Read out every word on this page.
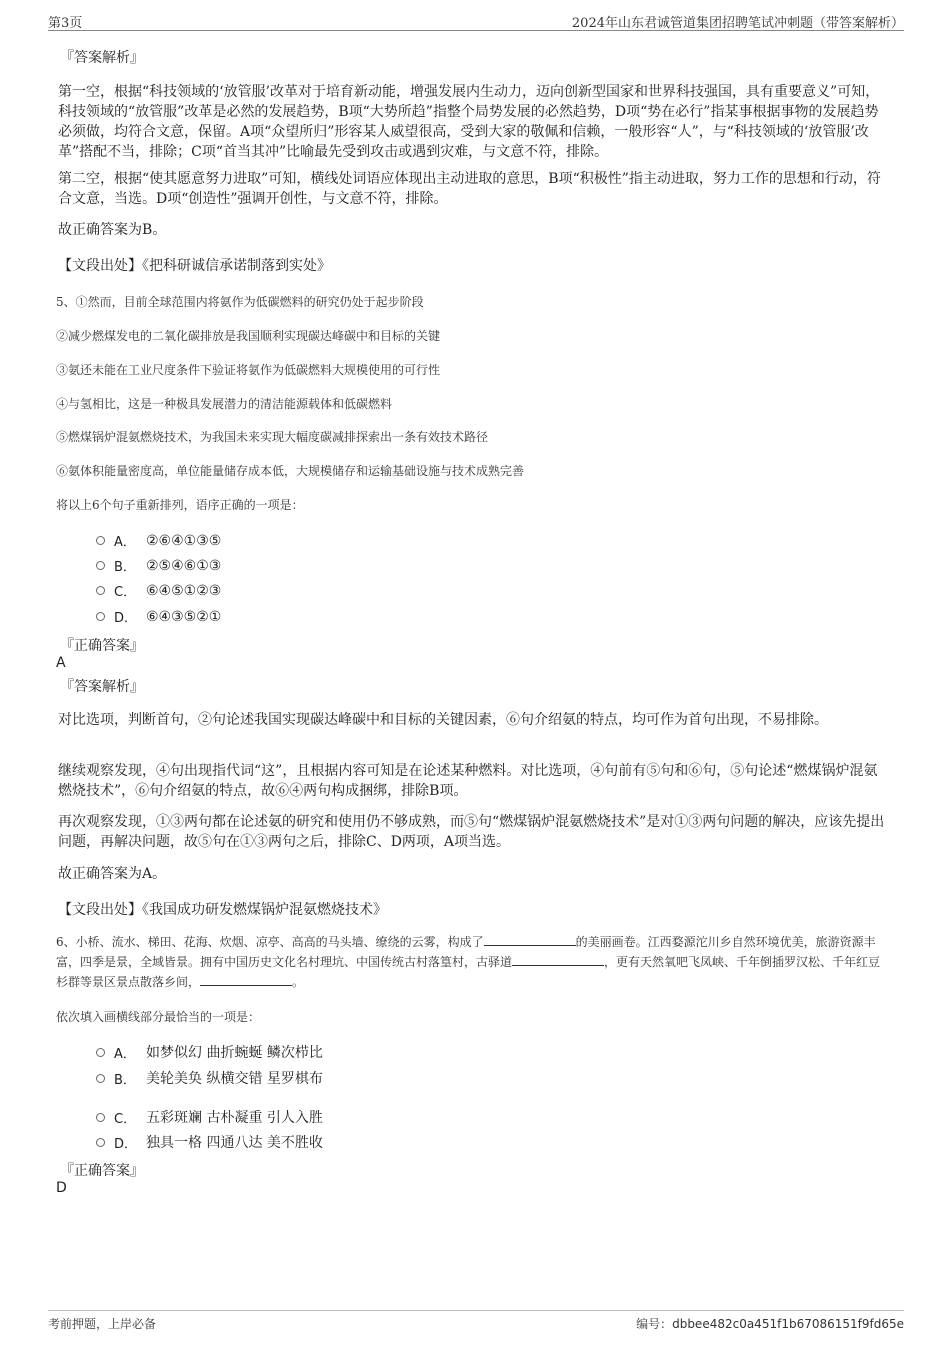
第3页	2024年山东君诚管道集团招聘笔试冲刺题（带答案解析）
『答案解析』
第一空，根据“科技领域的‘放管服’改革对于培育新动能，增强发展内生动力，迈向创新型国家和世界科技强国，具有重要意义”可知，科技领域的“放管服”改革是必然的发展趋势，B项“大势所趋”指整个局势发展的必然趋势，D项“势在必行”指某事根据事物的发展趋势必须做，均符合文意，保留。A项“众望所归”形容某人威望很高，受到大家的敬佩和信赖，一般形容“人”，与“科技领域的‘放管服’改革”搭配不当，排除；C项“首当其冲”比喻最先受到攻击或遇到灾难，与文意不符，排除。
第二空，根据“使其愿意努力进取”可知，横线处词语应体现出主动进取的意思，B项“积极性”指主动进取，努力工作的思想和行动，符合文意，当选。D项“创造性”强调开创性，与文意不符，排除。
故正确答案为B。
【文段出处】《把科研诚信承诺制落到实处》
5、①然而，目前全球范围内将氨作为低碳燃料的研究仍处于起步阶段
②减少燃煤发电的二氧化碳排放是我国顺利实现碳达峰碳中和目标的关键
③氨还未能在工业尺度条件下验证将氨作为低碳燃料大规模使用的可行性
④与氢相比，这是一种极具发展潜力的清洁能源载体和低碳燃料
⑤燃煤锅炉混氨燃烧技术，为我国未来实现大幅度碳减排探索出一条有效技术路径
⑥氨体积能量密度高，单位能量储存成本低，大规模储存和运输基础设施与技术成熟完善
将以上6个句子重新排列，语序正确的一项是：
A． ②⑥④①③⑤
B． ②⑤④⑥①③
C． ⑥④⑤①②③
D． ⑥④③⑤②①
『正确答案』
A
『答案解析』
对比选项，判断首句，②句论述我国实现碳达峰碳中和目标的关键因素，⑥句介绍氨的特点，均可作为首句出现，不易排除。
继续观察发现，④句出现指代词“这”，且根据内容可知是在论述某种燃料。对比选项，④句前有⑤句和⑥句，⑤句论述“燃煤锅炉混氨燃烧技术”，⑥句介绍氨的特点，故⑥④两句构成捆绑，排除B项。
再次观察发现，①③两句都在论述氨的研究和使用仍不够成熟，而⑤句“燃煤锅炉混氨燃烧技术”是对①③两句问题的解决，应该先提出问题，再解决问题，故⑤句在①③两句之后，排除C、D两项，A项当选。
故正确答案为A。
【文段出处】《我国成功研发燃煤锅炉混氨燃烧技术》
6、小桥、流水、梯田、花海、炊烟、凉亭、高高的马头墙、缭绕的云雾，构成了	的美丽画卷。江西婺源沱川乡自然环境优美，旅游资源丰富，四季是景，全域皆景。拥有中国历史文化名村理坑、中国传统古村落篁村，古驿道	，更有天然氧吧飞凤峡、千年倒插罗汉松、千年红豆杉群等景区景点散落乡间，	。
依次填入画横线部分最恰当的一项是：
A． 如梦似幻 曲折蜿蜒 鳞次栉比
B． 美轮美奂 纵横交错 星罗棋布
C． 五彩斑斓 古朴凝重 引人入胜
D． 独具一格 四通八达 美不胜收
『正确答案』
D
考前押题，上岸必备	编号：dbbee482c0a451f1b67086151f9fd65e
